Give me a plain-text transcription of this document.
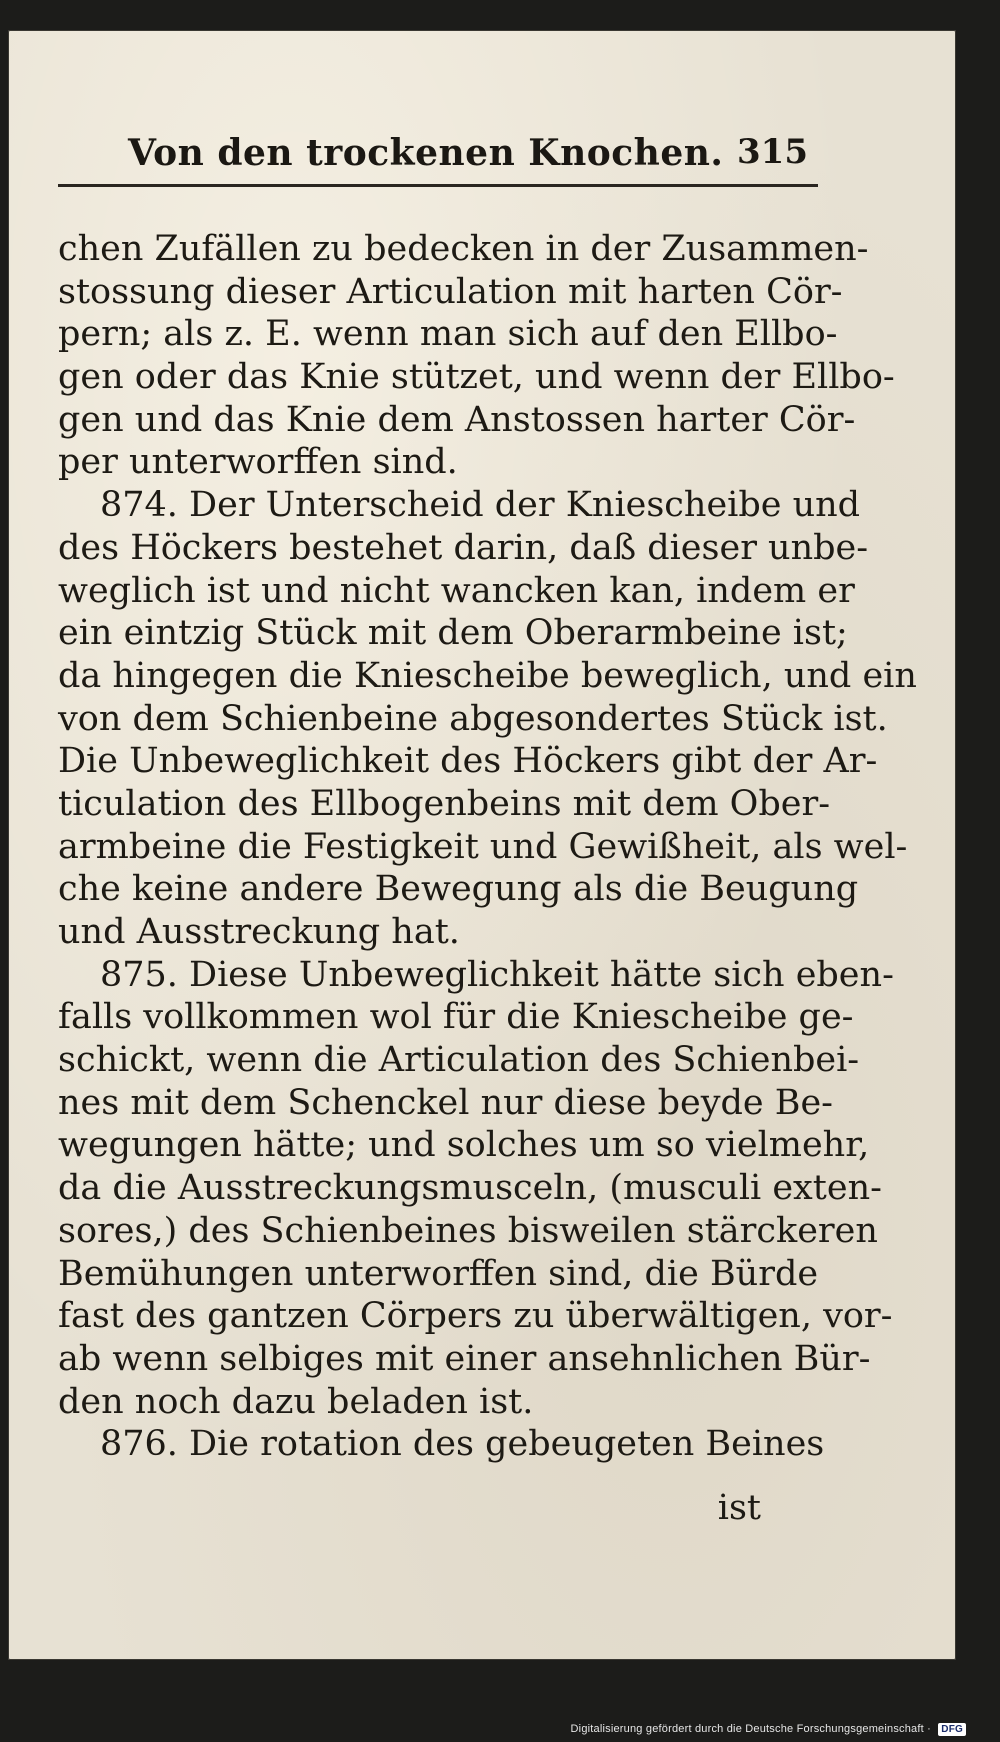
Von den trockenen Knochen. 315
chen Zufällen zu bedecken in der Zusammen-
stossung dieser Articulation mit harten Cör-
pern; als z. E. wenn man sich auf den Ellbo-
gen oder das Knie stützet, und wenn der Ellbo-
gen und das Knie dem Anstossen harter Cör-
per unterworffen sind.
874. Der Unterscheid der Kniescheibe und
des Höckers bestehet darin, daß dieser unbe-
weglich ist und nicht wancken kan, indem er
ein eintzig Stück mit dem Oberarmbeine ist;
da hingegen die Kniescheibe beweglich, und ein
von dem Schienbeine abgesondertes Stück ist.
Die Unbeweglichkeit des Höckers gibt der Ar-
ticulation des Ellbogenbeins mit dem Ober-
armbeine die Festigkeit und Gewißheit, als wel-
che keine andere Bewegung als die Beugung
und Ausstreckung hat.
875. Diese Unbeweglichkeit hätte sich eben-
falls vollkommen wol für die Kniescheibe ge-
schickt, wenn die Articulation des Schienbei-
nes mit dem Schenckel nur diese beyde Be-
wegungen hätte; und solches um so vielmehr,
da die Ausstreckungsmusceln, (musculi exten-
sores,) des Schienbeines bisweilen stärckeren
Bemühungen unterworffen sind, die Bürde
fast des gantzen Cörpers zu überwältigen, vor-
ab wenn selbiges mit einer ansehnlichen Bür-
den noch dazu beladen ist.
876. Die rotation des gebeugeten Beines
ist
Digitalisierung gefördert durch die Deutsche Forschungsgemeinschaft · DFG
